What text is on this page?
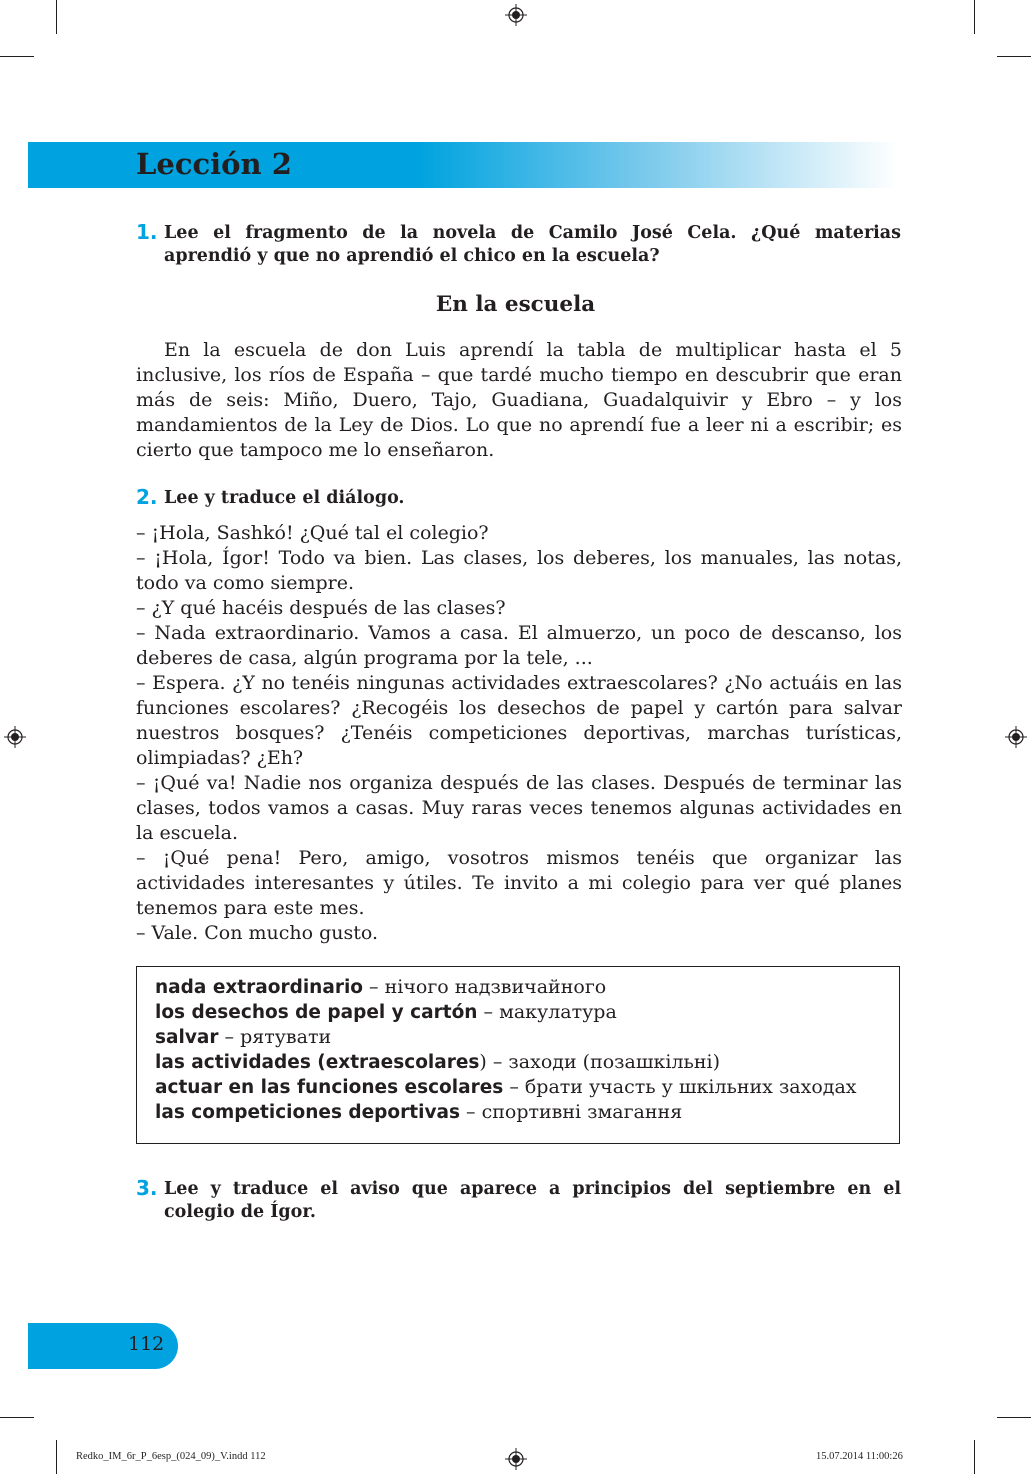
Lección 2
1. Lee el fragmento de la novela de Camilo José Cela. ¿Qué materias aprendió y que no aprendió el chico en la escuela?
En la escuela
En la escuela de don Luis aprendí la tabla de multiplicar hasta el 5 inclusive, los ríos de España – que tardé mucho tiempo en descubrir que eran más de seis: Miño, Duero, Tajo, Guadiana, Guadalquivir y Ebro – y los mandamientos de la Ley de Dios. Lo que no aprendí fue a leer ni a escribir; es cierto que tampoco me lo enseñaron.
2. Lee y traduce el diálogo.

– ¡Hola, Sashkó! ¿Qué tal el colegio?

– ¡Hola, Ígor! Todo va bien. Las clases, los deberes, los manuales, las notas, todo va como siempre.

– ¿Y qué hacéis después de las clases?

– Nada extraordinario. Vamos a casa. El almuerzo, un poco de descanso, los deberes de casa, algún programa por la tele, ...

– Espera. ¿Y no tenéis ningunas actividades extraescolares? ¿No actuáis en las funciones escolares? ¿Recogéis los desechos de papel y cartón para salvar nuestros bosques? ¿Tenéis competiciones deportivas, marchas turísticas, olimpiadas? ¿Eh?

– ¡Qué va! Nadie nos organiza después de las clases. Después de terminar las clases, todos vamos a casas. Muy raras veces tenemos algunas actividades en la escuela.

– ¡Qué pena! Pero, amigo, vosotros mismos tenéis que organizar las actividades interesantes y útiles. Te invito a mi colegio para ver qué planes tenemos para este mes.

– Vale. Con mucho gusto.

nada extraordinario – нічого надзвичайного
los desechos de papel y cartón – макулатура
salvar – рятувати
las actividades (extraescolares) – заходи (позашкільні)
actuar en las funciones escolares – брати участь у шкільних заходах
las competiciones deportivas – спортивні змагання
3. Lee y traduce el aviso que aparece a principios del septiembre en el colegio de Ígor.
112
Redko_IM_6r_P_6esp_(024_09)_V.indd 112	15.07.2014 11:00:26
